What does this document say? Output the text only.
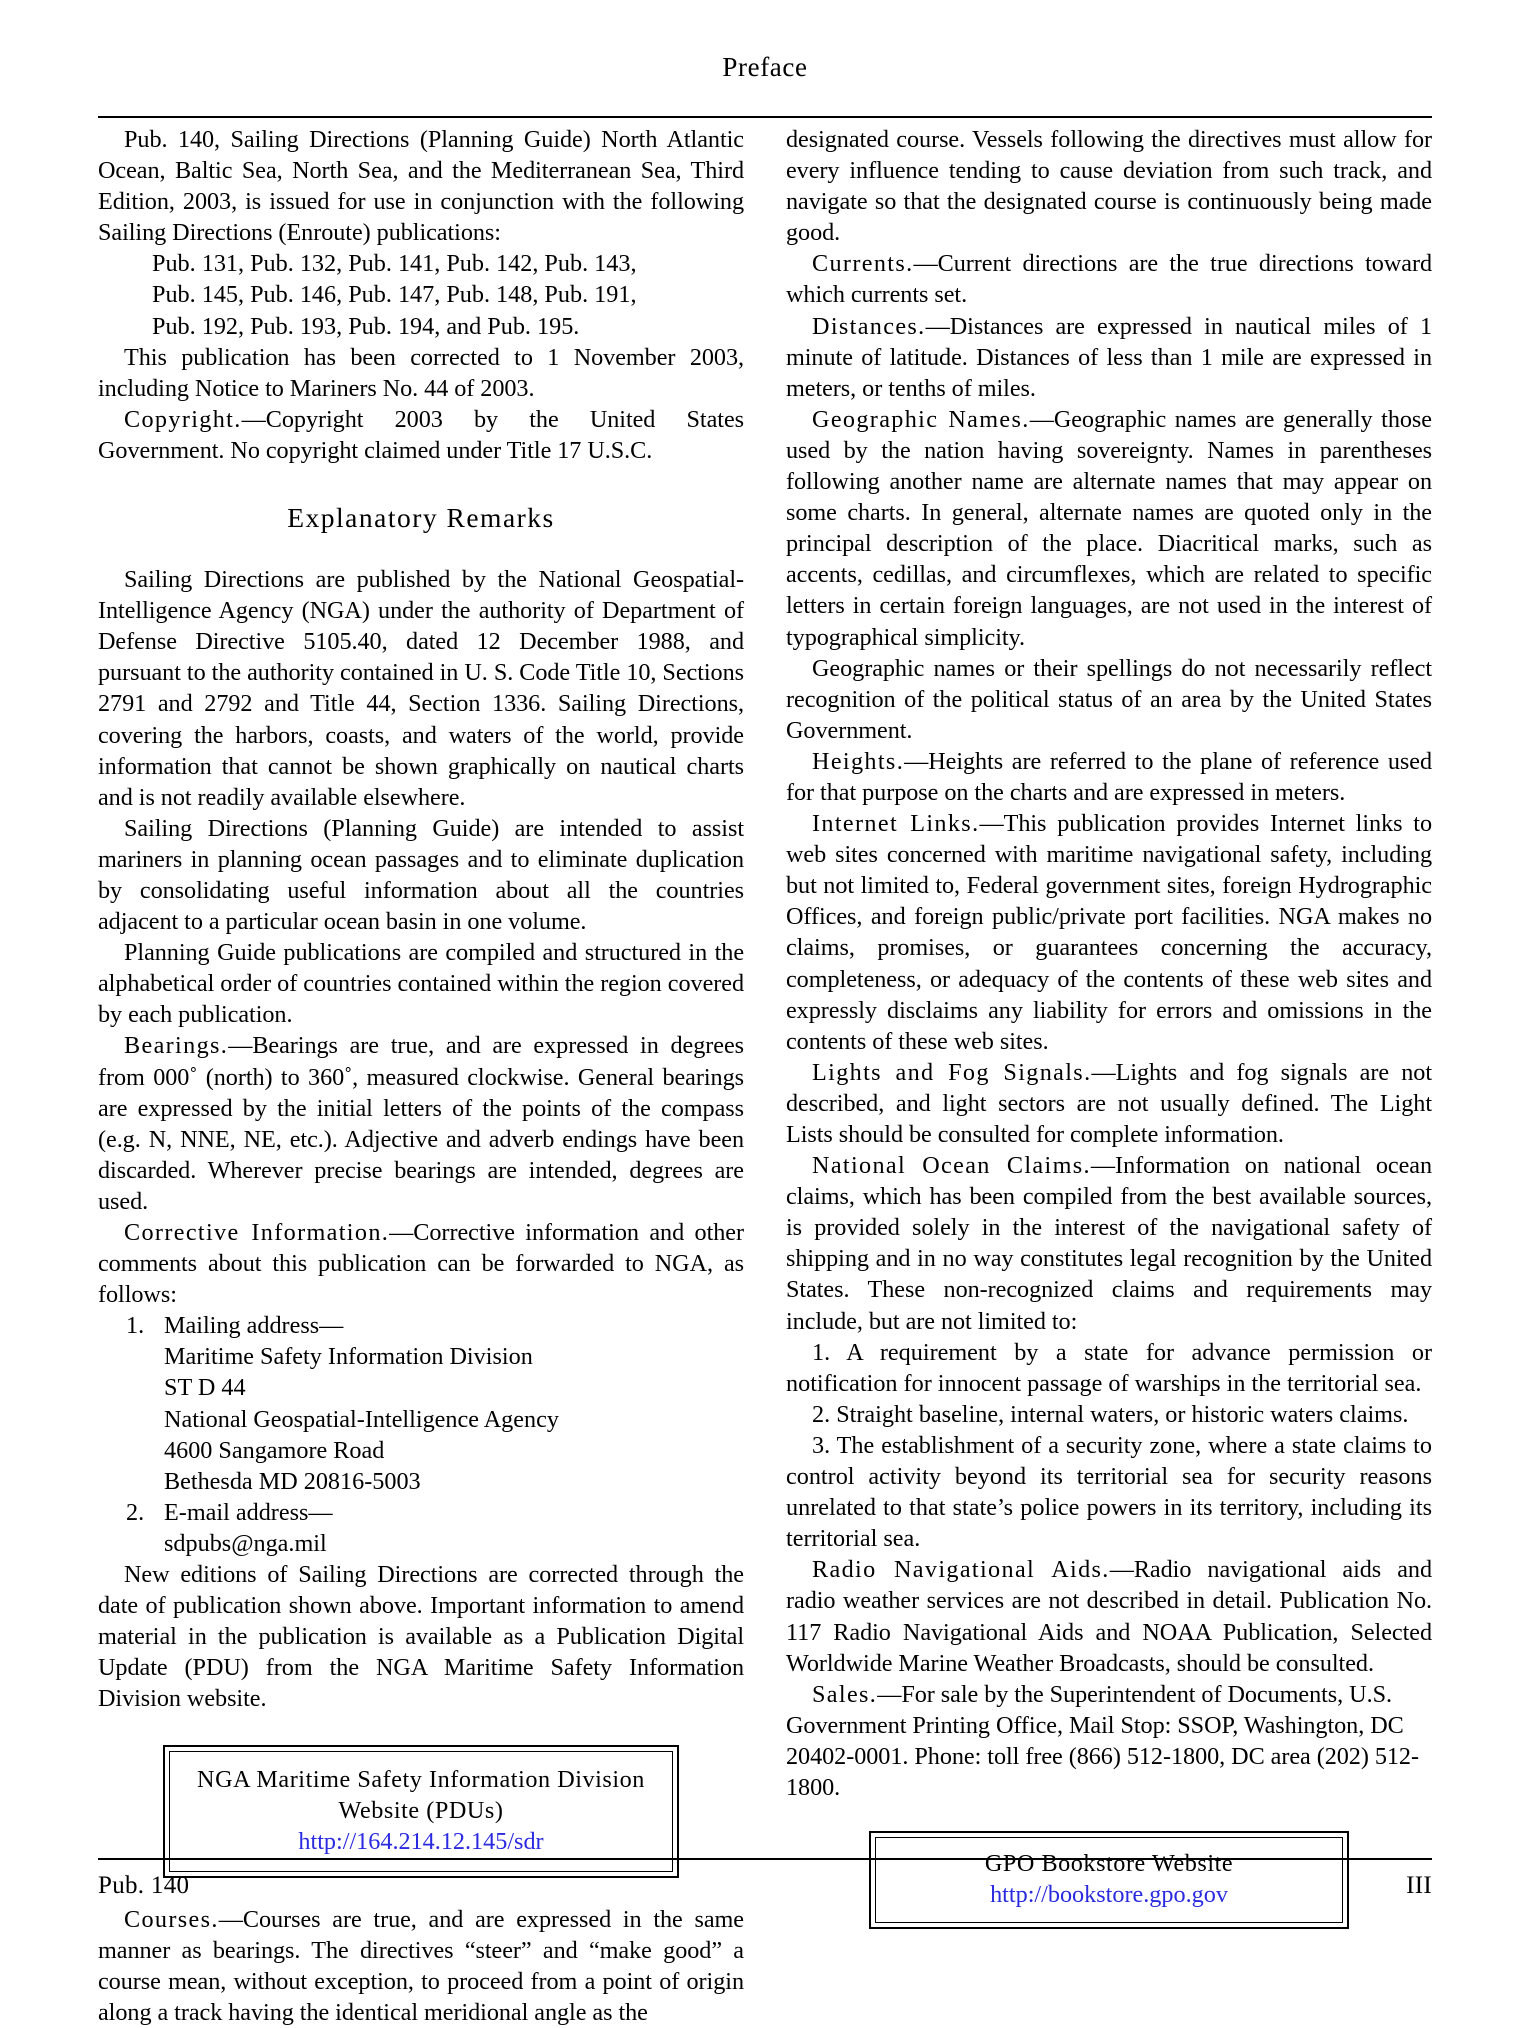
Preface

Pub. 140, Sailing Directions (Planning Guide) North Atlantic Ocean, Baltic Sea, North Sea, and the Mediterranean Sea, Third Edition, 2003, is issued for use in conjunction with the following Sailing Directions (Enroute) publications:

Pub. 131, Pub. 132, Pub. 141, Pub. 142, Pub. 143,
Pub. 145, Pub. 146, Pub. 147, Pub. 148, Pub. 191,
Pub. 192, Pub. 193, Pub. 194, and Pub. 195.

This publication has been corrected to 1 November 2003, including Notice to Mariners No. 44 of 2003.

Copyright.—Copyright 2003 by the United States Government. No copyright claimed under Title 17 U.S.C.

Explanatory Remarks

Sailing Directions are published by the National Geospatial-Intelligence Agency (NGA) under the authority of Department of Defense Directive 5105.40, dated 12 December 1988, and pursuant to the authority contained in U. S. Code Title 10, Sections 2791 and 2792 and Title 44, Section 1336. Sailing Directions, covering the harbors, coasts, and waters of the world, provide information that cannot be shown graphically on nautical charts and is not readily available elsewhere.

Sailing Directions (Planning Guide) are intended to assist mariners in planning ocean passages and to eliminate duplication by consolidating useful information about all the countries adjacent to a particular ocean basin in one volume.

Planning Guide publications are compiled and structured in the alphabetical order of countries contained within the region covered by each publication.

Bearings.—Bearings are true, and are expressed in degrees from 000˚ (north) to 360˚, measured clockwise. General bearings are expressed by the initial letters of the points of the compass (e.g. N, NNE, NE, etc.). Adjective and adverb endings have been discarded. Wherever precise bearings are intended, degrees are used.

Corrective Information.—Corrective information and other comments about this publication can be forwarded to NGA, as follows:

1. Mailing address—
Maritime Safety Information Division
ST D 44
National Geospatial-Intelligence Agency
4600 Sangamore Road
Bethesda MD 20816-5003
2. E-mail address—
sdpubs@nga.mil

New editions of Sailing Directions are corrected through the date of publication shown above. Important information to amend material in the publication is available as a Publication Digital Update (PDU) from the NGA Maritime Safety Information Division website.

NGA Maritime Safety Information Division
Website (PDUs)
http://164.214.12.145/sdr

Courses.—Courses are true, and are expressed in the same manner as bearings. The directives “steer” and “make good” a course mean, without exception, to proceed from a point of origin along a track having the identical meridional angle as the

designated course. Vessels following the directives must allow for every influence tending to cause deviation from such track, and navigate so that the designated course is continuously being made good.

Currents.—Current directions are the true directions toward which currents set.

Distances.—Distances are expressed in nautical miles of 1 minute of latitude. Distances of less than 1 mile are expressed in meters, or tenths of miles.

Geographic Names.—Geographic names are generally those used by the nation having sovereignty. Names in parentheses following another name are alternate names that may appear on some charts. In general, alternate names are quoted only in the principal description of the place. Diacritical marks, such as accents, cedillas, and circumflexes, which are related to specific letters in certain foreign languages, are not used in the interest of typographical simplicity.

Geographic names or their spellings do not necessarily reflect recognition of the political status of an area by the United States Government.

Heights.—Heights are referred to the plane of reference used for that purpose on the charts and are expressed in meters.

Internet Links.—This publication provides Internet links to web sites concerned with maritime navigational safety, including but not limited to, Federal government sites, foreign Hydrographic Offices, and foreign public/private port facilities. NGA makes no claims, promises, or guarantees concerning the accuracy, completeness, or adequacy of the contents of these web sites and expressly disclaims any liability for errors and omissions in the contents of these web sites.

Lights and Fog Signals.—Lights and fog signals are not described, and light sectors are not usually defined. The Light Lists should be consulted for complete information.

National Ocean Claims.—Information on national ocean claims, which has been compiled from the best available sources, is provided solely in the interest of the navigational safety of shipping and in no way constitutes legal recognition by the United States. These non-recognized claims and requirements may include, but are not limited to:

1. A requirement by a state for advance permission or notification for innocent passage of warships in the territorial sea.
2. Straight baseline, internal waters, or historic waters claims.
3. The establishment of a security zone, where a state claims to control activity beyond its territorial sea for security reasons unrelated to that state’s police powers in its territory, including its territorial sea.

Radio Navigational Aids.—Radio navigational aids and radio weather services are not described in detail. Publication No. 117 Radio Navigational Aids and NOAA Publication, Selected Worldwide Marine Weather Broadcasts, should be consulted.

Sales.—For sale by the Superintendent of Documents, U.S. Government Printing Office, Mail Stop: SSOP, Washington, DC 20402-0001. Phone: toll free (866) 512-1800, DC area (202) 512-1800.

GPO Bookstore Website
http://bookstore.gpo.gov
Pub. 140	III
